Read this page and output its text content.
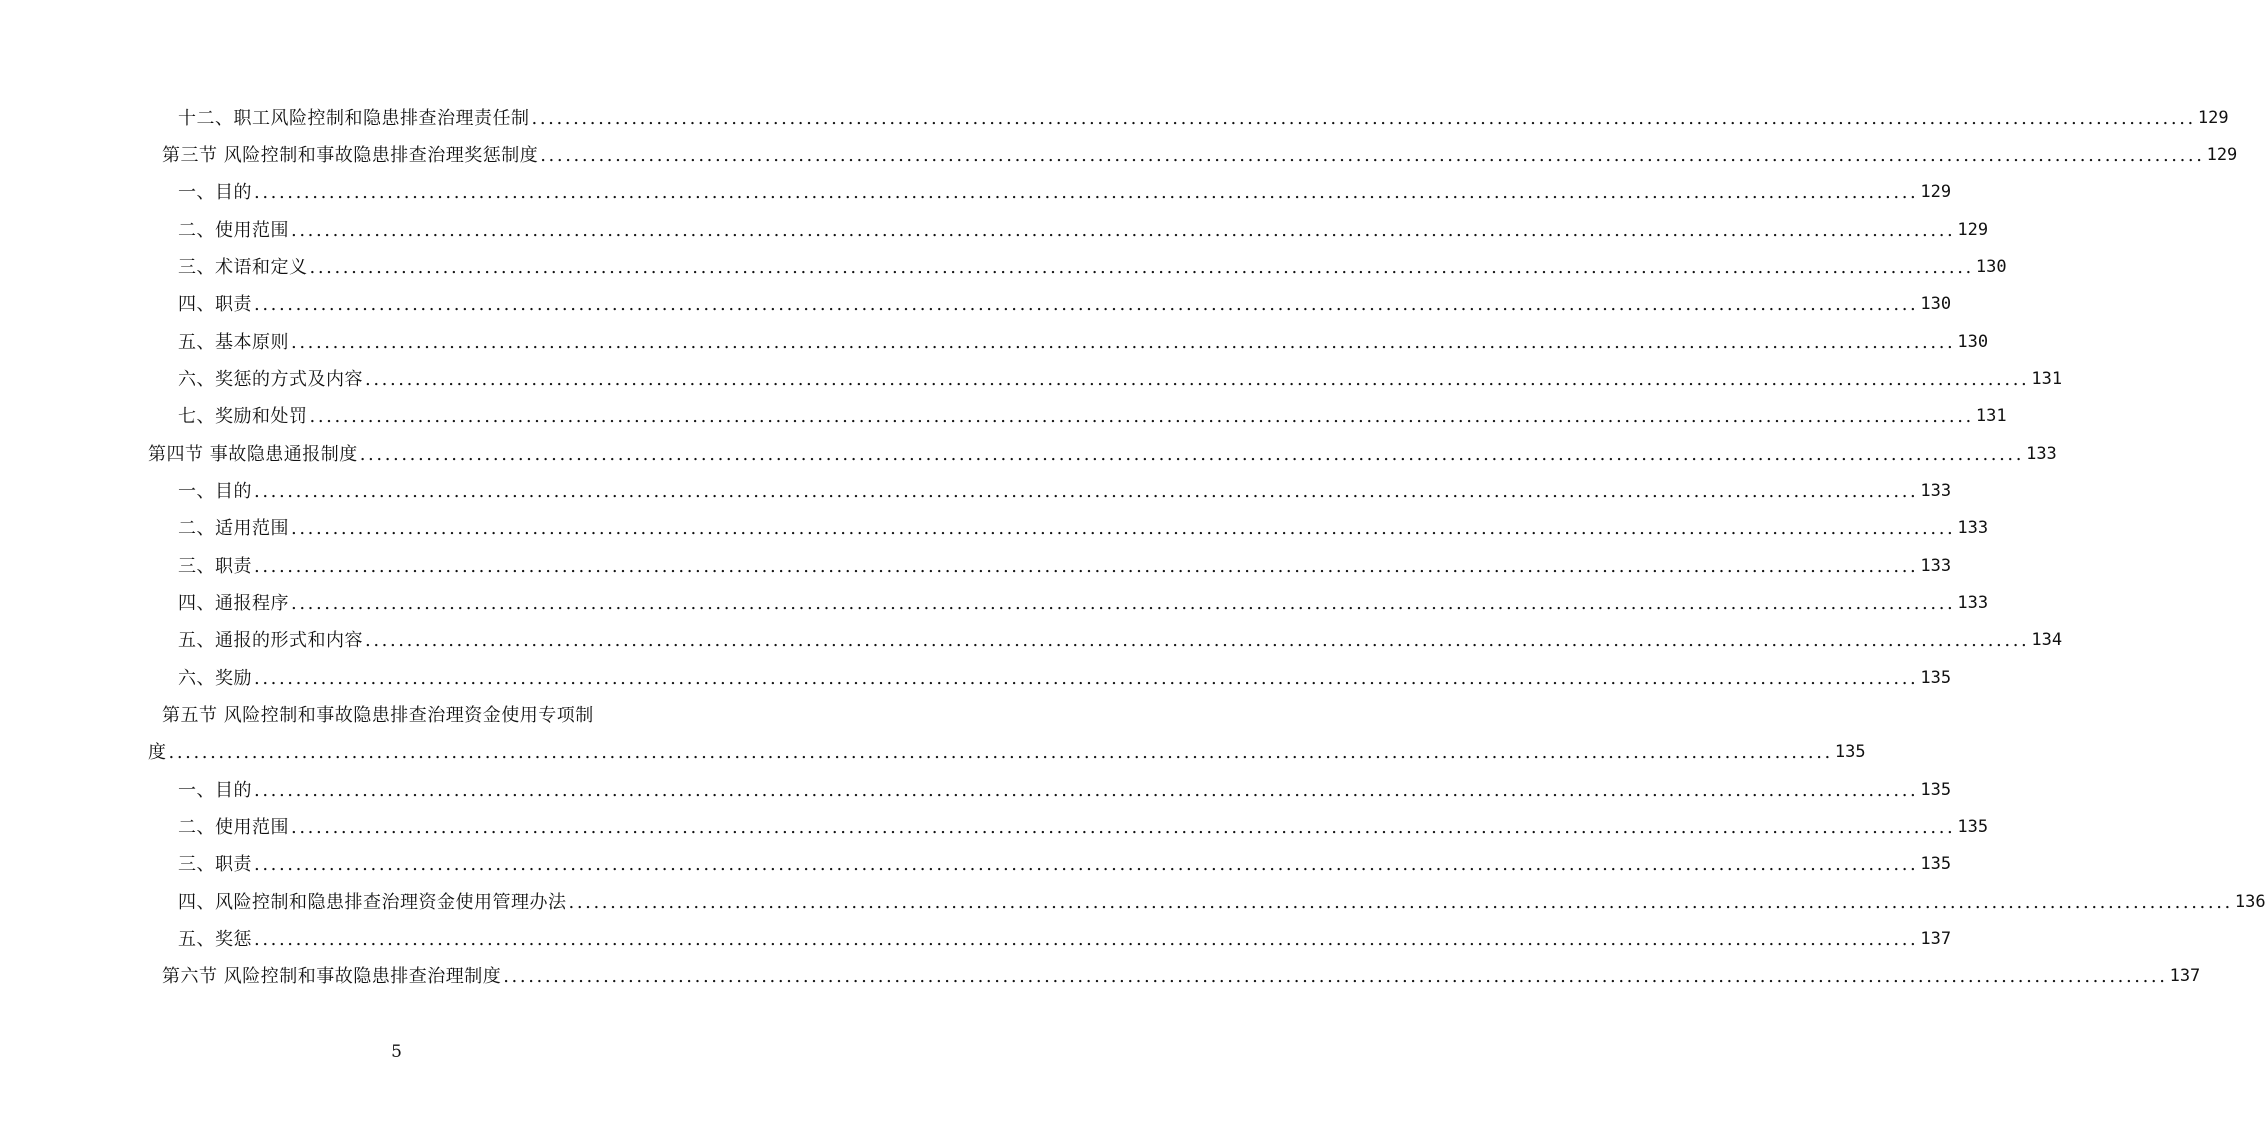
十二、职工风险控制和隐患排查治理责任制 ........................................................................................................................................................................................................ 129
第三节 风险控制和事故隐患排查治理奖惩制度 ........................................................................................................................................................................................................ 129
一、目的 ........................................................................................................................................................................................................ 129
二、使用范围 ........................................................................................................................................................................................................ 129
三、术语和定义 ........................................................................................................................................................................................................ 130
四、职责 ........................................................................................................................................................................................................ 130
五、基本原则 ........................................................................................................................................................................................................ 130
六、奖惩的方式及内容 ........................................................................................................................................................................................................ 131
七、奖励和处罚 ........................................................................................................................................................................................................ 131
第四节 事故隐患通报制度 ........................................................................................................................................................................................................ 133
一、目的 ........................................................................................................................................................................................................ 133
二、适用范围 ........................................................................................................................................................................................................ 133
三、职责 ........................................................................................................................................................................................................ 133
四、通报程序 ........................................................................................................................................................................................................ 133
五、通报的形式和内容 ........................................................................................................................................................................................................ 134
六、奖励 ........................................................................................................................................................................................................ 135
第五节 风险控制和事故隐患排查治理资金使用专项制
度 ........................................................................................................................................................................................................ 135
一、目的 ........................................................................................................................................................................................................ 135
二、使用范围 ........................................................................................................................................................................................................ 135
三、职责 ........................................................................................................................................................................................................ 135
四、风险控制和隐患排查治理资金使用管理办法 ........................................................................................................................................................................................................ 136
五、奖惩 ........................................................................................................................................................................................................ 137
第六节 风险控制和事故隐患排查治理制度 ........................................................................................................................................................................................................ 137
5
